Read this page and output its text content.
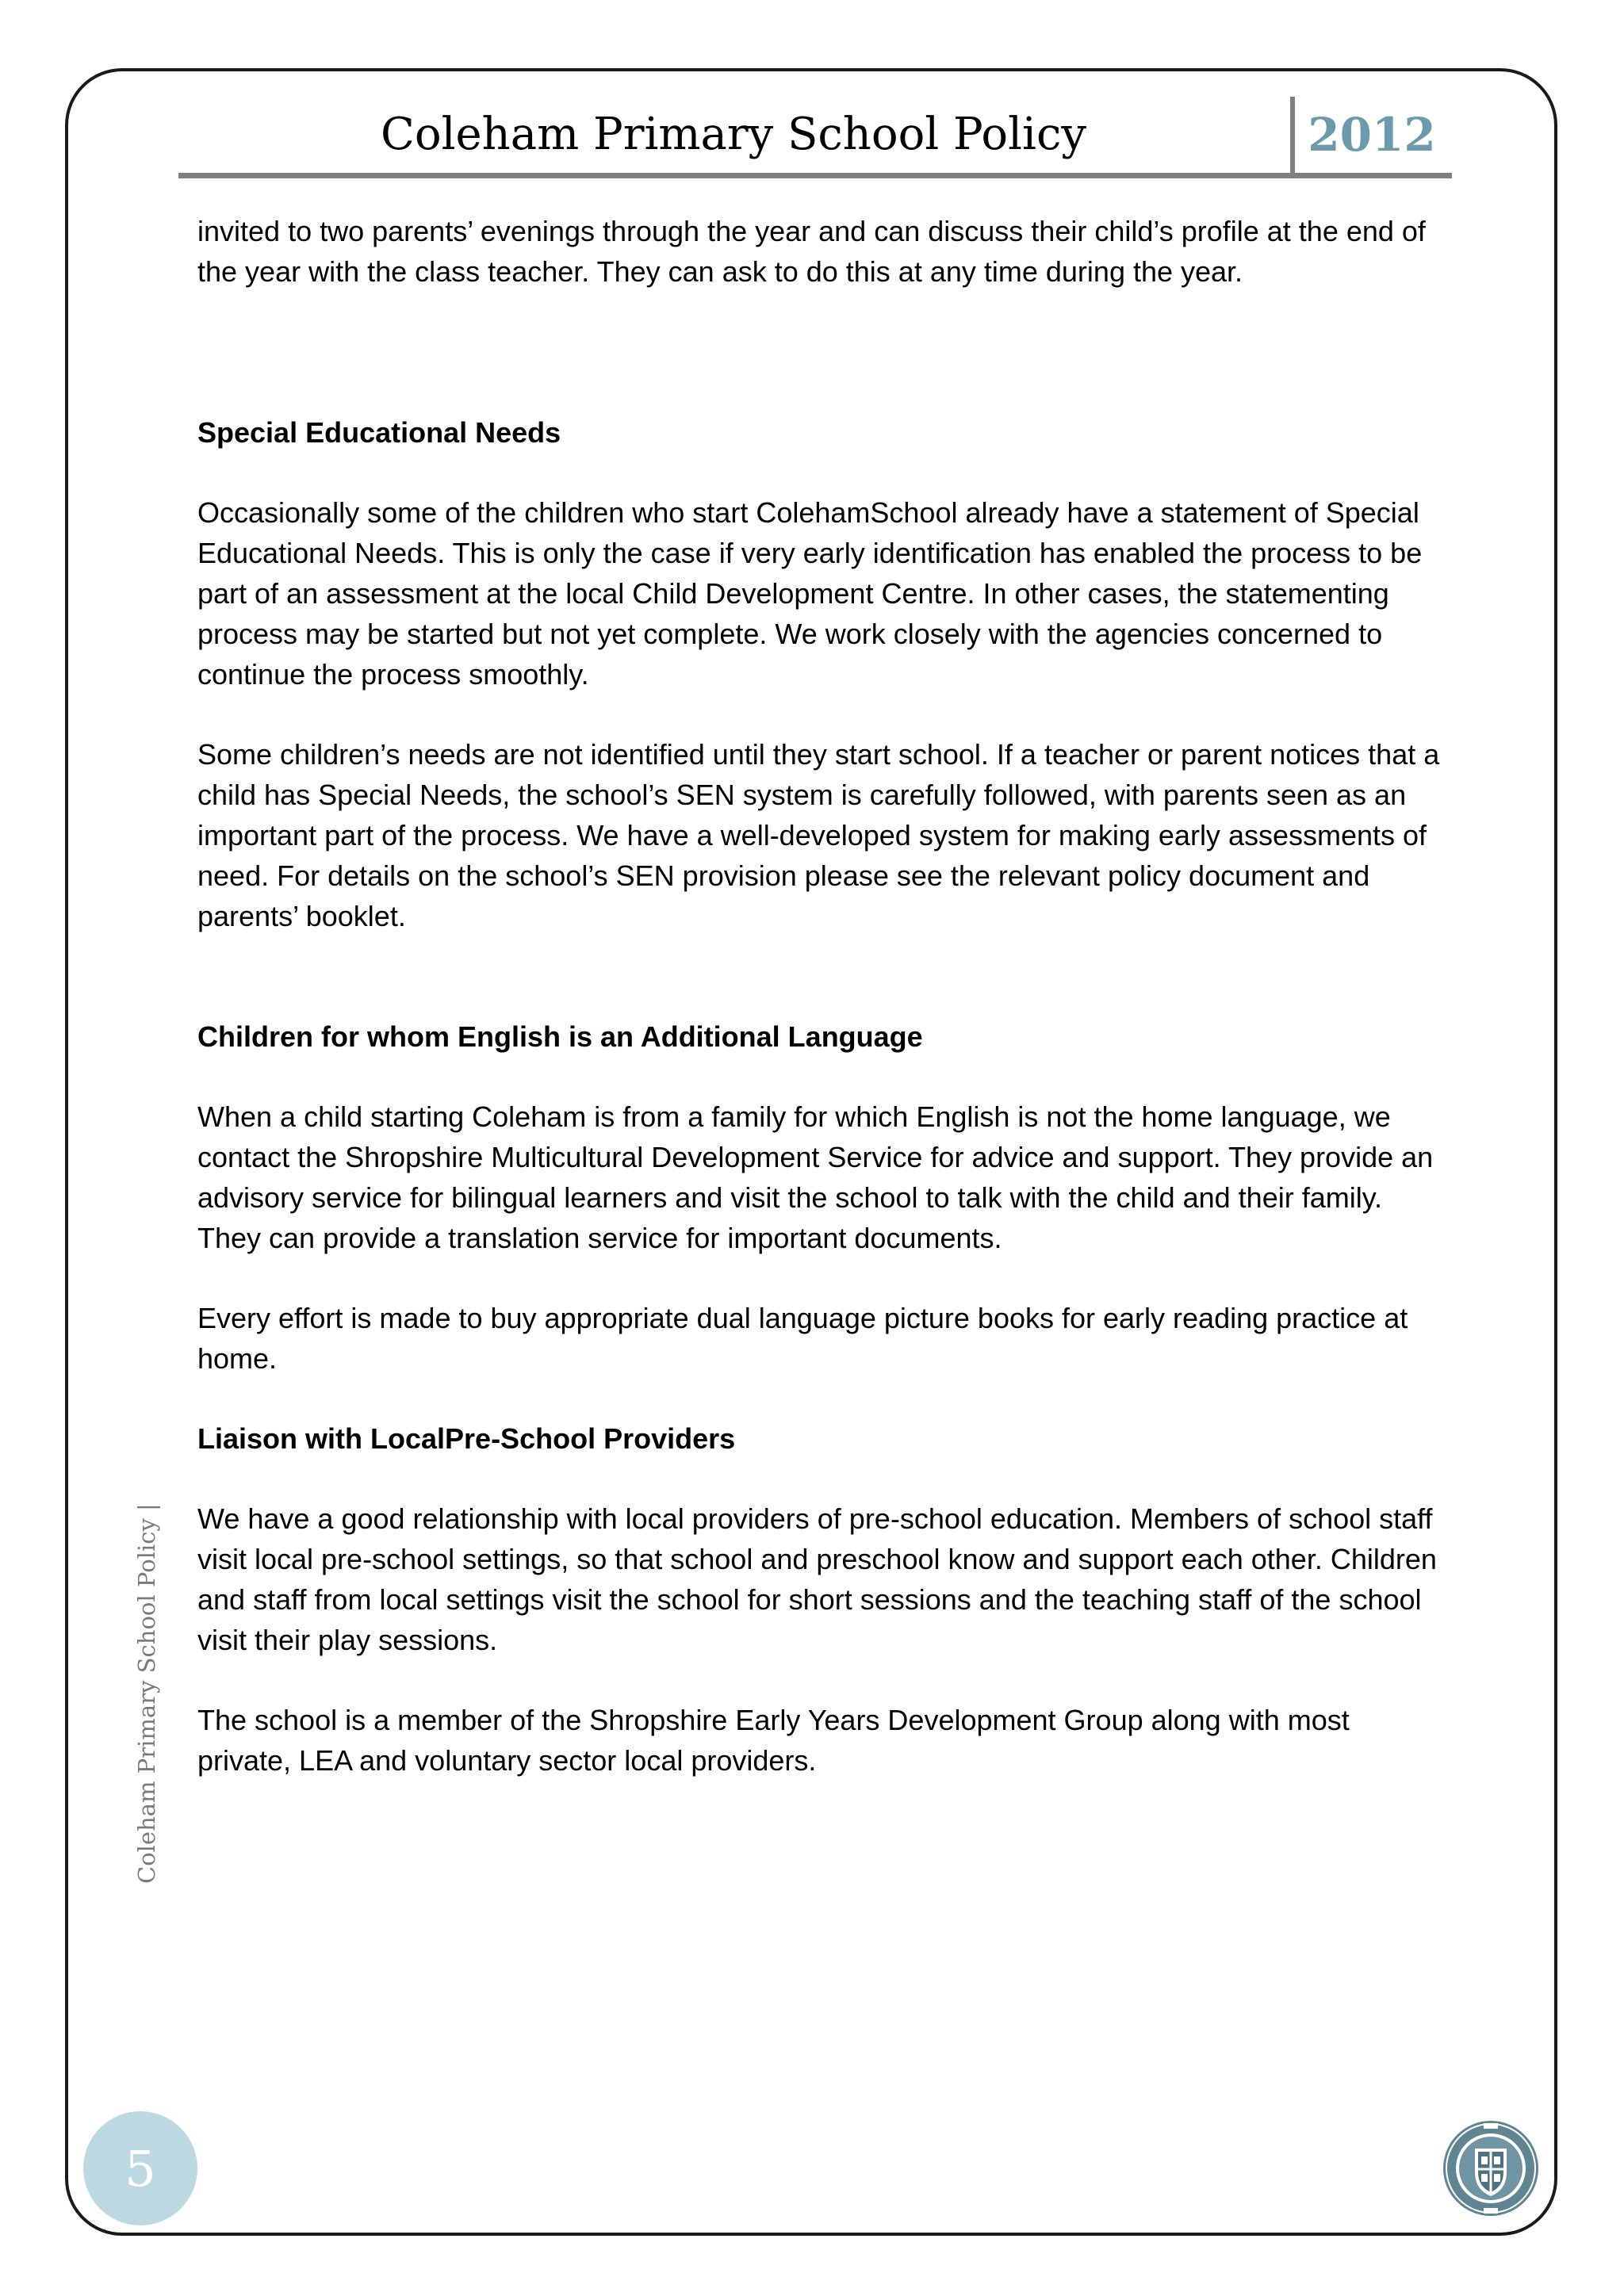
Coleham Primary School Policy	2012

invited to two parents’ evenings through the year and can discuss their child’s profile at the end of the year with the class teacher. They can ask to do this at any time during the year.

Special Educational Needs

Occasionally some of the children who start ColehamSchool already have a statement of Special Educational Needs. This is only the case if very early identification has enabled the process to be part of an assessment at the local Child Development Centre. In other cases, the statementing process may be started but not yet complete. We work closely with the agencies concerned to continue the process smoothly.

Some children’s needs are not identified until they start school. If a teacher or parent notices that a child has Special Needs, the school’s SEN system is carefully followed, with parents seen as an important part of the process. We have a well-developed system for making early assessments of need. For details on the school’s SEN provision please see the relevant policy document and parents’ booklet.

Children for whom English is an Additional Language

When a child starting Coleham is from a family for which English is not the home language, we contact the Shropshire Multicultural Development Service for advice and support. They provide an advisory service for bilingual learners and visit the school to talk with the child and their family. They can provide a translation service for important documents.

Every effort is made to buy appropriate dual language picture books for early reading practice at home.

Liaison with LocalPre-School Providers

We have a good relationship with local providers of pre-school education. Members of school staff visit local pre-school settings, so that school and preschool know and support each other. Children and staff from local settings visit the school for short sessions and the teaching staff of the school visit their play sessions.

The school is a member of the Shropshire Early Years Development Group along with most private, LEA and voluntary sector local providers.

Coleham Primary School Policy |
5
